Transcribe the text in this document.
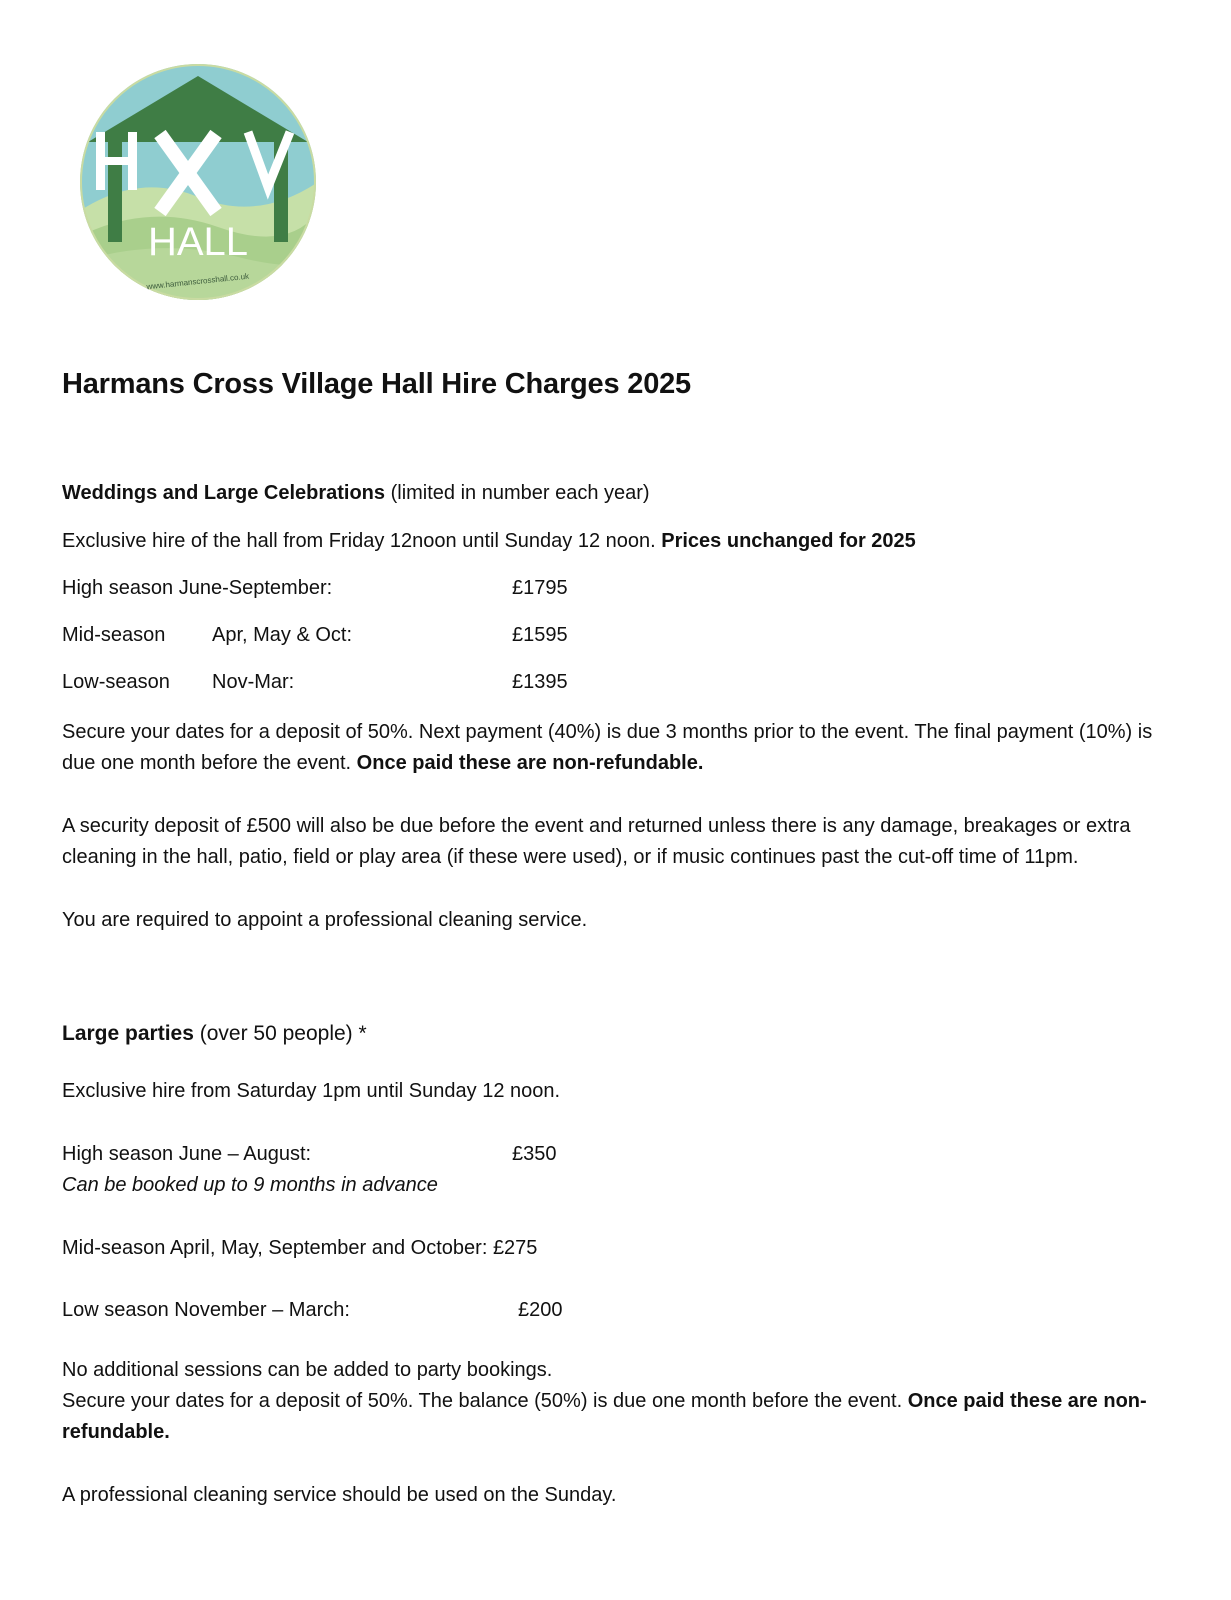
HALL
www.harmanscrosshall.co.uk
Harmans Cross Village Hall Hire Charges 2025
Weddings and Large Celebrations (limited in number each year)
Exclusive hire of the hall from Friday 12noon until Sunday 12 noon. Prices unchanged for 2025
High season June-September:	£1795
Mid-season Apr, May & Oct:	£1595
Low-season Nov-Mar:	£1395
Secure your dates for a deposit of 50%. Next payment (40%) is due 3 months prior to the event. The final payment (10%) is due one month before the event. Once paid these are non-refundable.
A security deposit of £500 will also be due before the event and returned unless there is any damage, breakages or extra cleaning in the hall, patio, field or play area (if these were used), or if music continues past the cut-off time of 11pm.
You are required to appoint a professional cleaning service.
Large parties (over 50 people) *
Exclusive hire from Saturday 1pm until Sunday 12 noon.
High season June – August:	£350
Can be booked up to 9 months in advance
Mid-season April, May, September and October: £275
Low season November – March:	£200
No additional sessions can be added to party bookings.
Secure your dates for a deposit of 50%. The balance (50%) is due one month before the event. Once paid these are non-refundable.
A professional cleaning service should be used on the Sunday.
